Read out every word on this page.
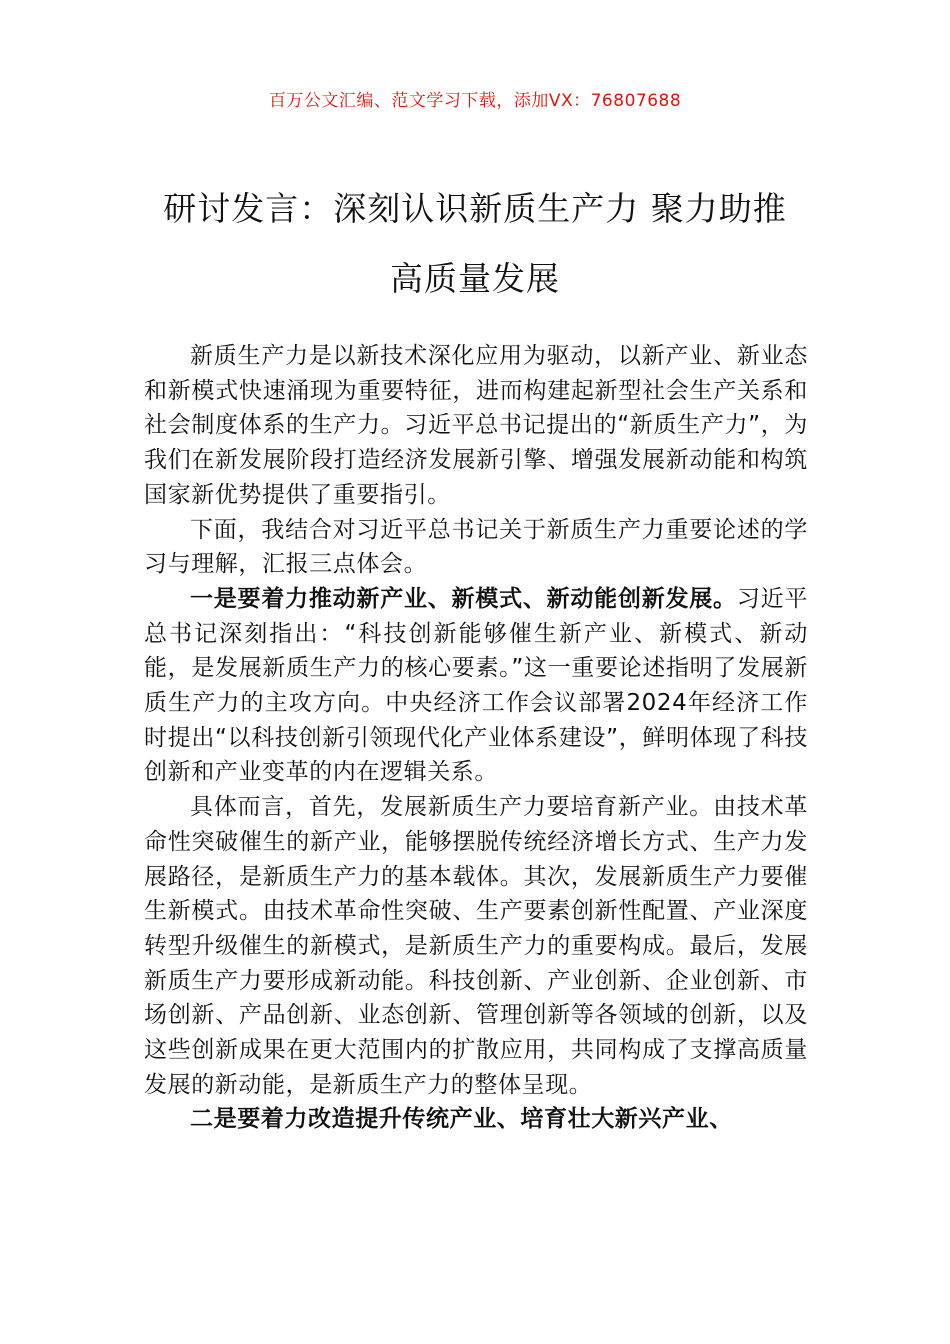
百万公文汇编、范文学习下载，添加VX：76807688
研讨发言：深刻认识新质生产力 聚力助推
高质量发展

新质生产力是以新技术深化应用为驱动，以新产业、新业态和新模式快速涌现为重要特征，进而构建起新型社会生产关系和社会制度体系的生产力。习近平总书记提出的“新质生产力”，为我们在新发展阶段打造经济发展新引擎、增强发展新动能和构筑国家新优势提供了重要指引。

下面，我结合对习近平总书记关于新质生产力重要论述的学习与理解，汇报三点体会。

一是要着力推动新产业、新模式、新动能创新发展。习近平总书记深刻指出：“科技创新能够催生新产业、新模式、新动能，是发展新质生产力的核心要素。”这一重要论述指明了发展新质生产力的主攻方向。中央经济工作会议部署2024年经济工作时提出“以科技创新引领现代化产业体系建设”，鲜明体现了科技创新和产业变革的内在逻辑关系。

具体而言，首先，发展新质生产力要培育新产业。由技术革命性突破催生的新产业，能够摆脱传统经济增长方式、生产力发展路径，是新质生产力的基本载体。其次，发展新质生产力要催生新模式。由技术革命性突破、生产要素创新性配置、产业深度转型升级催生的新模式，是新质生产力的重要构成。最后，发展新质生产力要形成新动能。科技创新、产业创新、企业创新、市场创新、产品创新、业态创新、管理创新等各领域的创新，以及这些创新成果在更大范围内的扩散应用，共同构成了支撑高质量发展的新动能，是新质生产力的整体呈现。

二是要着力改造提升传统产业、培育壮大新兴产业、
